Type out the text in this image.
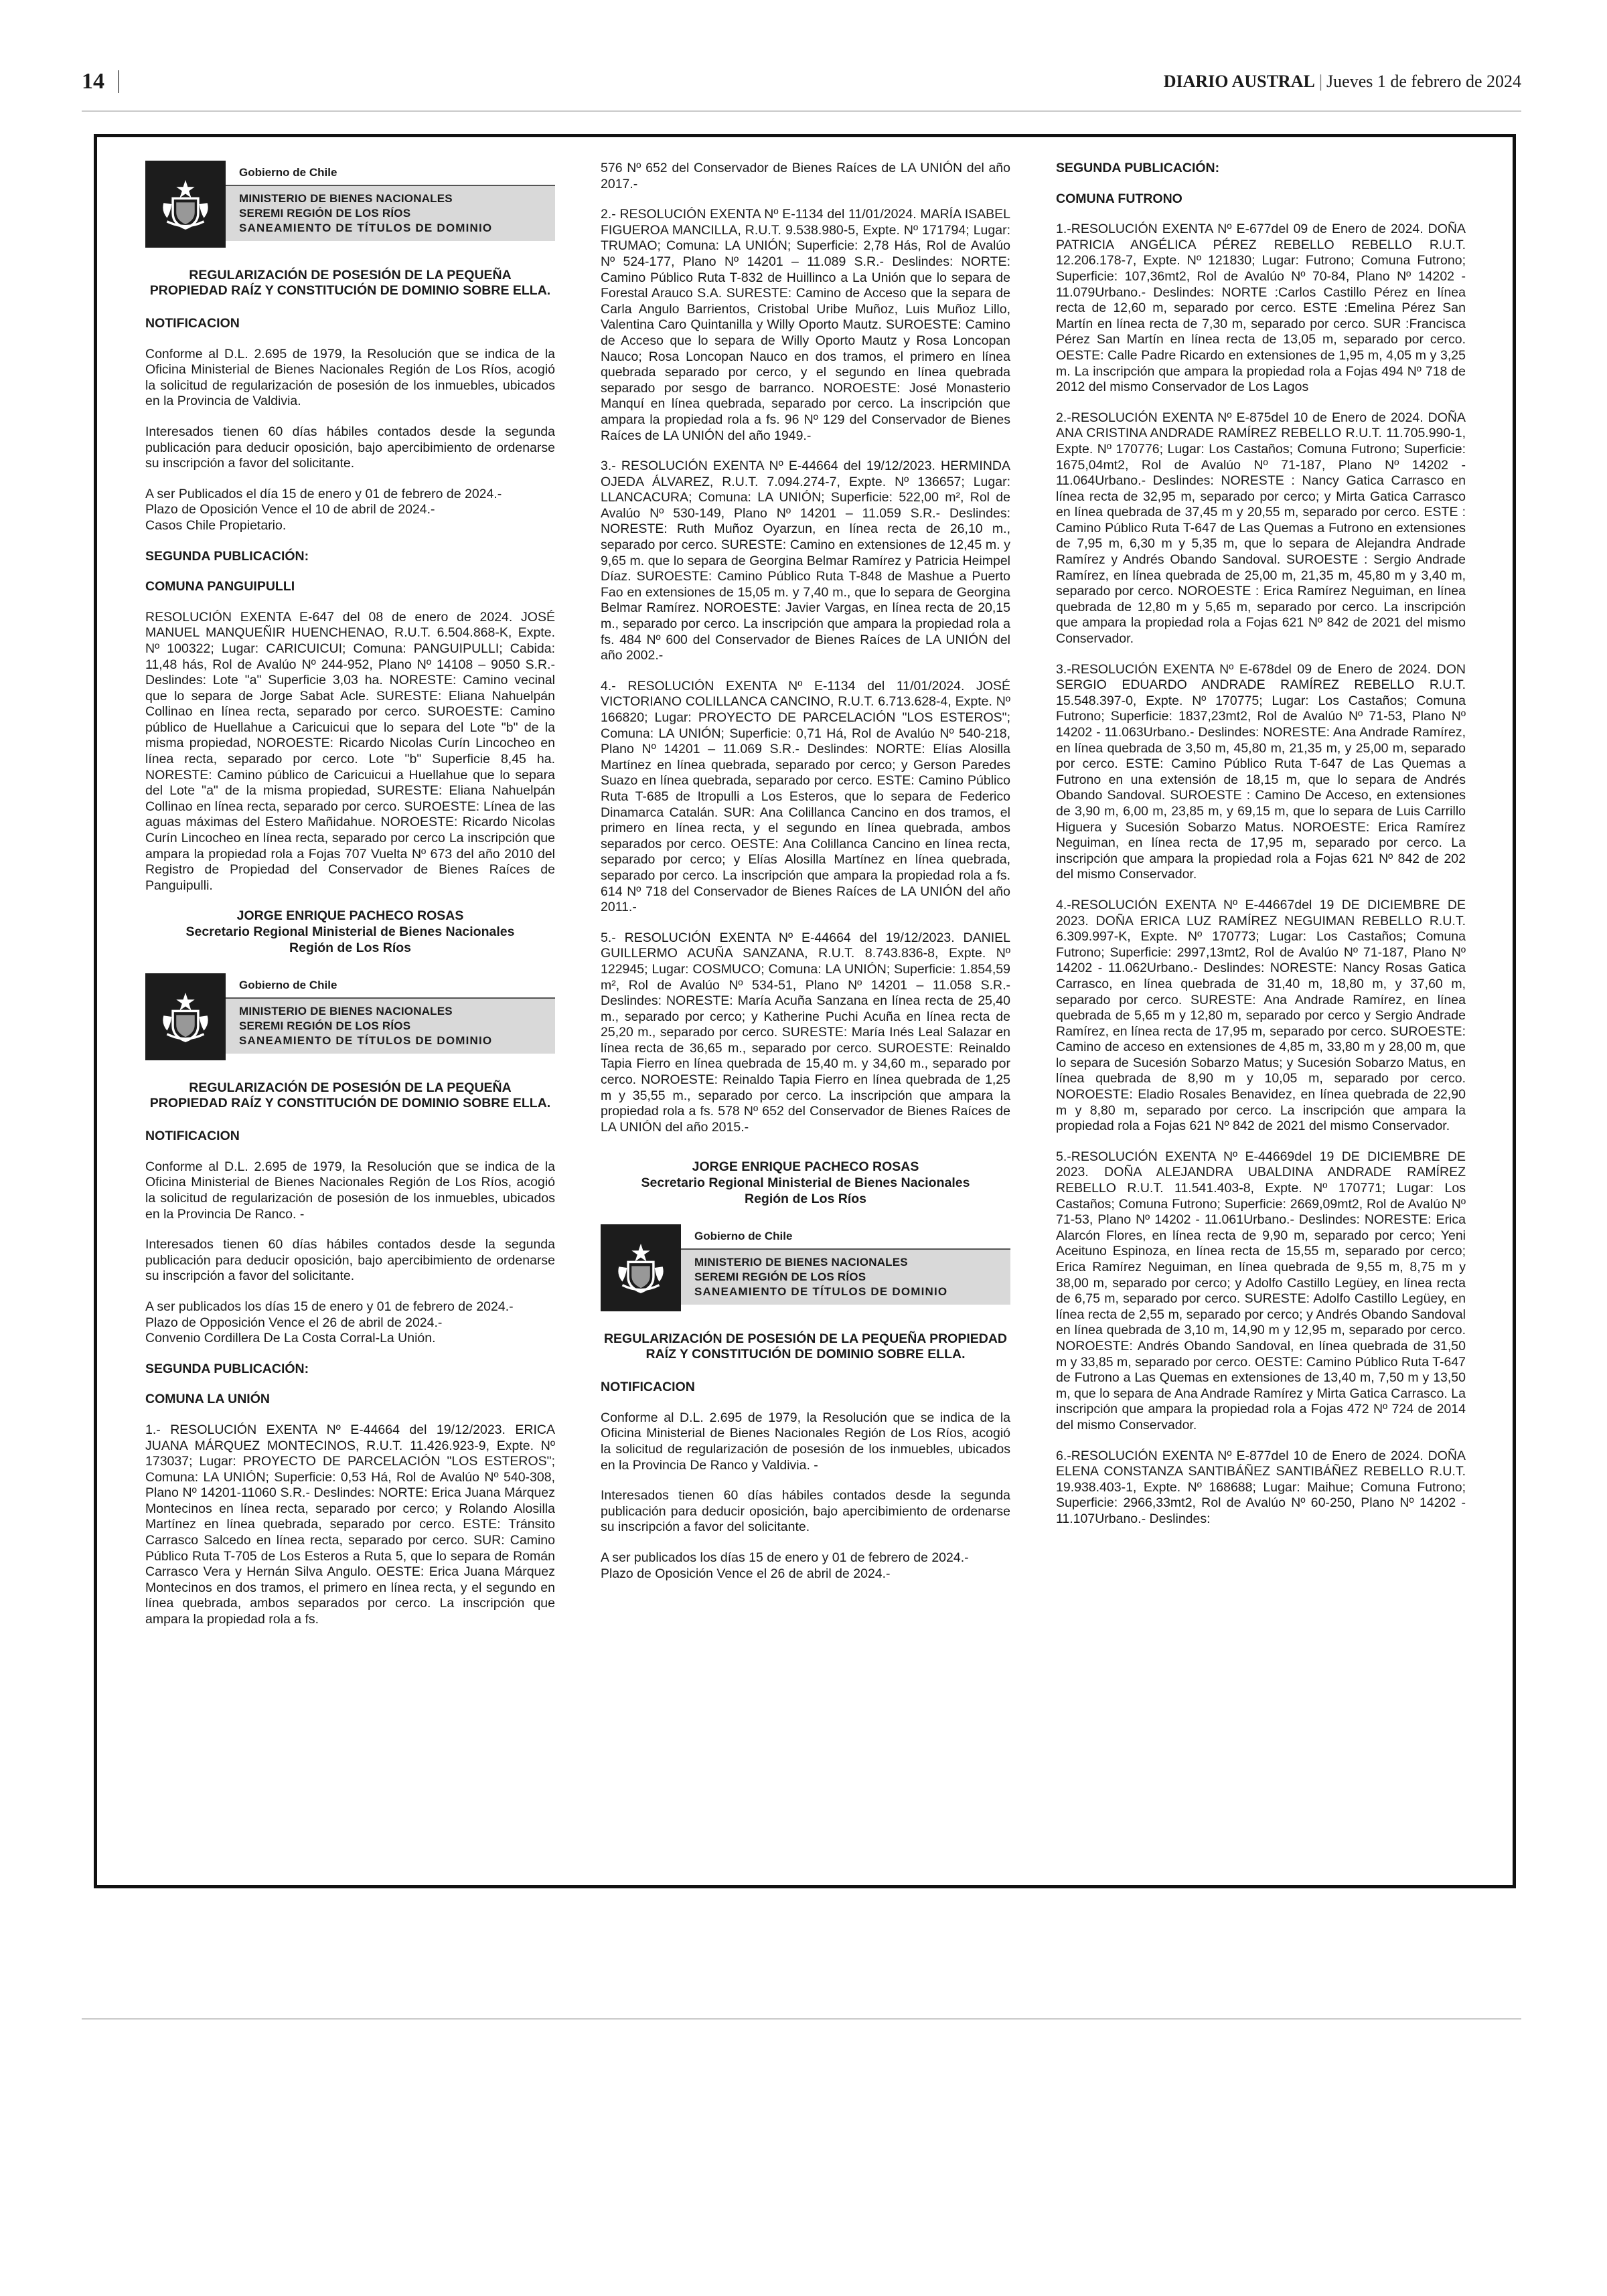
14	DIARIO AUSTRAL | Jueves 1 de febrero de 2024
Gobierno de Chile
MINISTERIO DE BIENES NACIONALES
SEREMI REGIÓN DE LOS RÍOS
SANEAMIENTO DE TÍTULOS DE DOMINIO
REGULARIZACIÓN DE POSESIÓN DE LA PEQUEÑA
PROPIEDAD RAÍZ Y CONSTITUCIÓN DE DOMINIO SOBRE ELLA.

NOTIFICACION

Conforme al D.L. 2.695 de 1979, la Resolución que se indica de la Oficina Ministerial de Bienes Nacionales Región de Los Ríos, acogió la solicitud de regularización de posesión de los inmuebles, ubicados en la Provincia de Valdivia.

Interesados tienen 60 días hábiles contados desde la segunda publicación para deducir oposición, bajo apercibimiento de ordenarse su inscripción a favor del solicitante.

A ser Publicados el día 15 de enero y 01 de febrero de 2024.-
Plazo de Oposición Vence el 10 de abril de 2024.-
Casos Chile Propietario.

SEGUNDA PUBLICACIÓN:

COMUNA PANGUIPULLI

RESOLUCIÓN EXENTA E-647 del 08 de enero de 2024. JOSÉ MANUEL MANQUEÑIR HUENCHENAO, R.U.T. 6.504.868-K, Expte. Nº 100322; Lugar: CARICUICUI; Comuna: PANGUIPULLI; Cabida: 11,48 hás, Rol de Avalúo Nº 244-952, Plano Nº 14108 – 9050 S.R.- Deslindes: Lote "a" Superficie 3,03 ha. NORESTE: Camino vecinal que lo separa de Jorge Sabat Acle. SURESTE: Eliana Nahuelpán Collinao en línea recta, separado por cerco. SUROESTE: Camino público de Huellahue a Caricuicui que lo separa del Lote "b" de la misma propiedad, NOROESTE: Ricardo Nicolas Curín Lincocheo en línea recta, separado por cerco. Lote "b" Superficie 8,45 ha. NORESTE: Camino público de Caricuicui a Huellahue que lo separa del Lote "a" de la misma propiedad, SURESTE: Eliana Nahuelpán Collinao en línea recta, separado por cerco. SUROESTE: Línea de las aguas máximas del Estero Mañidahue. NOROESTE: Ricardo Nicolas Curín Lincocheo en línea recta, separado por cerco La inscripción que ampara la propiedad rola a Fojas 707 Vuelta Nº 673 del año 2010 del Registro de Propiedad del Conservador de Bienes Raíces de Panguipulli.

JORGE ENRIQUE PACHECO ROSAS
Secretario Regional Ministerial de Bienes Nacionales
Región de Los Ríos
Gobierno de Chile
MINISTERIO DE BIENES NACIONALES
SEREMI REGIÓN DE LOS RÍOS
SANEAMIENTO DE TÍTULOS DE DOMINIO
REGULARIZACIÓN DE POSESIÓN DE LA PEQUEÑA
PROPIEDAD RAÍZ Y CONSTITUCIÓN DE DOMINIO SOBRE ELLA.

NOTIFICACION

Conforme al D.L. 2.695 de 1979, la Resolución que se indica de la Oficina Ministerial de Bienes Nacionales Región de Los Ríos, acogió la solicitud de regularización de posesión de los inmuebles, ubicados en la Provincia De Ranco. -

Interesados tienen 60 días hábiles contados desde la segunda publicación para deducir oposición, bajo apercibimiento de ordenarse su inscripción a favor del solicitante.

A ser publicados los días 15 de enero y 01 de febrero de 2024.-
Plazo de Opposición Vence el 26 de abril de 2024.-
Convenio Cordillera De La Costa Corral-La Unión.

SEGUNDA PUBLICACIÓN:

COMUNA LA UNIÓN

1.- RESOLUCIÓN EXENTA Nº E-44664 del 19/12/2023. ERICA JUANA MÁRQUEZ MONTECINOS, R.U.T. 11.426.923-9, Expte. Nº 173037; Lugar: PROYECTO DE PARCELACIÓN "LOS ESTEROS"; Comuna: LA UNIÓN; Superficie: 0,53 Há, Rol de Avalúo Nº 540-308, Plano Nº 14201-11060 S.R.- Deslindes: NORTE: Erica Juana Márquez Montecinos en línea recta, separado por cerco; y Rolando Alosilla Martínez en línea quebrada, separado por cerco. ESTE: Tránsito Carrasco Salcedo en línea recta, separado por cerco. SUR: Camino Público Ruta T-705 de Los Esteros a Ruta 5, que lo separa de Román Carrasco Vera y Hernán Silva Angulo. OESTE: Erica Juana Márquez Montecinos en dos tramos, el primero en línea recta, y el segundo en línea quebrada, ambos separados por cerco. La inscripción que ampara la propiedad rola a fs.

576 Nº 652 del Conservador de Bienes Raíces de LA UNIÓN del año 2017.-

2.- RESOLUCIÓN EXENTA Nº E-1134 del 11/01/2024. MARÍA ISABEL FIGUEROA MANCILLA, R.U.T. 9.538.980-5, Expte. Nº 171794; Lugar: TRUMAO; Comuna: LA UNIÓN; Superficie: 2,78 Hás, Rol de Avalúo Nº 524-177, Plano Nº 14201 – 11.089 S.R.- Deslindes: NORTE: Camino Público Ruta T-832 de Huillinco a La Unión que lo separa de Forestal Arauco S.A. SURESTE: Camino de Acceso que la separa de Carla Angulo Barrientos, Cristobal Uribe Muñoz, Luis Muñoz Lillo, Valentina Caro Quintanilla y Willy Oporto Mautz. SUROESTE: Camino de Acceso que lo separa de Willy Oporto Mautz y Rosa Loncopan Nauco; Rosa Loncopan Nauco en dos tramos, el primero en línea quebrada separado por cerco, y el segundo en línea quebrada separado por sesgo de barranco. NOROESTE: José Monasterio Manquí en línea quebrada, separado por cerco. La inscripción que ampara la propiedad rola a fs. 96 Nº 129 del Conservador de Bienes Raíces de LA UNIÓN del año 1949.-

3.- RESOLUCIÓN EXENTA Nº E-44664 del 19/12/2023. HERMINDA OJEDA ÁLVAREZ, R.U.T. 7.094.274-7, Expte. Nº 136657; Lugar: LLANCACURA; Comuna: LA UNIÓN; Superficie: 522,00 m², Rol de Avalúo Nº 530-149, Plano Nº 14201 – 11.059 S.R.- Deslindes: NORESTE: Ruth Muñoz Oyarzun, en línea recta de 26,10 m., separado por cerco. SURESTE: Camino en extensiones de 12,45 m. y 9,65 m. que lo separa de Georgina Belmar Ramírez y Patricia Heimpel Díaz. SUROESTE: Camino Público Ruta T-848 de Mashue a Puerto Fao en extensiones de 15,05 m. y 7,40 m., que lo separa de Georgina Belmar Ramírez. NOROESTE: Javier Vargas, en línea recta de 20,15 m., separado por cerco. La inscripción que ampara la propiedad rola a fs. 484 Nº 600 del Conservador de Bienes Raíces de LA UNIÓN del año 2002.-

4.- RESOLUCIÓN EXENTA Nº E-1134 del 11/01/2024. JOSÉ VICTORIANO COLILLANCA CANCINO, R.U.T. 6.713.628-4, Expte. Nº 166820; Lugar: PROYECTO DE PARCELACIÓN "LOS ESTEROS"; Comuna: LA UNIÓN; Superficie: 0,71 Há, Rol de Avalúo Nº 540-218, Plano Nº 14201 – 11.069 S.R.- Deslindes: NORTE: Elías Alosilla Martínez en línea quebrada, separado por cerco; y Gerson Paredes Suazo en línea quebrada, separado por cerco. ESTE: Camino Público Ruta T-685 de Itropulli a Los Esteros, que lo separa de Federico Dinamarca Catalán. SUR: Ana Colillanca Cancino en dos tramos, el primero en línea recta, y el segundo en línea quebrada, ambos separados por cerco. OESTE: Ana Colillanca Cancino en línea recta, separado por cerco; y Elías Alosilla Martínez en línea quebrada, separado por cerco. La inscripción que ampara la propiedad rola a fs. 614 Nº 718 del Conservador de Bienes Raíces de LA UNIÓN del año 2011.-

5.- RESOLUCIÓN EXENTA Nº E-44664 del 19/12/2023. DANIEL GUILLERMO ACUÑA SANZANA, R.U.T. 8.743.836-8, Expte. Nº 122945; Lugar: COSMUCO; Comuna: LA UNIÓN; Superficie: 1.854,59 m², Rol de Avalúo Nº 534-51, Plano Nº 14201 – 11.058 S.R.- Deslindes: NORESTE: María Acuña Sanzana en línea recta de 25,40 m., separado por cerco; y Katherine Puchi Acuña en línea recta de 25,20 m., separado por cerco. SURESTE: María Inés Leal Salazar en línea recta de 36,65 m., separado por cerco. SUROESTE: Reinaldo Tapia Fierro en línea quebrada de 15,40 m. y 34,60 m., separado por cerco. NOROESTE: Reinaldo Tapia Fierro en línea quebrada de 1,25 m y 35,55 m., separado por cerco. La inscripción que ampara la propiedad rola a fs. 578 Nº 652 del Conservador de Bienes Raíces de LA UNIÓN del año 2015.-

JORGE ENRIQUE PACHECO ROSAS
Secretario Regional Ministerial de Bienes Nacionales
Región de Los Ríos
Gobierno de Chile
MINISTERIO DE BIENES NACIONALES
SEREMI REGIÓN DE LOS RÍOS
SANEAMIENTO DE TÍTULOS DE DOMINIO
REGULARIZACIÓN DE POSESIÓN DE LA PEQUEÑA PROPIEDAD
RAÍZ Y CONSTITUCIÓN DE DOMINIO SOBRE ELLA.

NOTIFICACION

Conforme al D.L. 2.695 de 1979, la Resolución que se indica de la Oficina Ministerial de Bienes Nacionales Región de Los Ríos, acogió la solicitud de regularización de posesión de los inmuebles, ubicados en la Provincia De Ranco y Valdivia. -

Interesados tienen 60 días hábiles contados desde la segunda publicación para deducir oposición, bajo apercibimiento de ordenarse su inscripción a favor del solicitante.

A ser publicados los días 15 de enero y 01 de febrero de 2024.-
Plazo de Oposición Vence el 26 de abril de 2024.-

SEGUNDA PUBLICACIÓN:

COMUNA FUTRONO

1.-RESOLUCIÓN EXENTA Nº E-677del 09 de Enero de 2024. DOÑA PATRICIA ANGÉLICA PÉREZ REBELLO REBELLO R.U.T. 12.206.178-7, Expte. Nº 121830; Lugar: Futrono; Comuna Futrono; Superficie: 107,36mt2, Rol de Avalúo Nº 70-84, Plano Nº 14202 - 11.079Urbano.- Deslindes: NORTE :Carlos Castillo Pérez en línea recta de 12,60 m, separado por cerco. ESTE :Emelina Pérez San Martín en línea recta de 7,30 m, separado por cerco. SUR :Francisca Pérez San Martín en línea recta de 13,05 m, separado por cerco. OESTE: Calle Padre Ricardo en extensiones de 1,95 m, 4,05 m y 3,25 m. La inscripción que ampara la propiedad rola a Fojas 494 Nº 718 de 2012 del mismo Conservador de Los Lagos

2.-RESOLUCIÓN EXENTA Nº E-875del 10 de Enero de 2024. DOÑA ANA CRISTINA ANDRADE RAMÍREZ REBELLO R.U.T. 11.705.990-1, Expte. Nº 170776; Lugar: Los Castaños; Comuna Futrono; Superficie: 1675,04mt2, Rol de Avalúo Nº 71-187, Plano Nº 14202 - 11.064Urbano.- Deslindes: NORESTE : Nancy Gatica Carrasco en línea recta de 32,95 m, separado por cerco; y Mirta Gatica Carrasco en línea quebrada de 37,45 m y 20,55 m, separado por cerco. ESTE : Camino Público Ruta T-647 de Las Quemas a Futrono en extensiones de 7,95 m, 6,30 m y 5,35 m, que lo separa de Alejandra Andrade Ramírez y Andrés Obando Sandoval. SUROESTE : Sergio Andrade Ramírez, en línea quebrada de 25,00 m, 21,35 m, 45,80 m y 3,40 m, separado por cerco. NOROESTE : Erica Ramírez Neguiman, en línea quebrada de 12,80 m y 5,65 m, separado por cerco. La inscripción que ampara la propiedad rola a Fojas 621 Nº 842 de 2021 del mismo Conservador.

3.-RESOLUCIÓN EXENTA Nº E-678del 09 de Enero de 2024. DON SERGIO EDUARDO ANDRADE RAMÍREZ REBELLO R.U.T. 15.548.397-0, Expte. Nº 170775; Lugar: Los Castaños; Comuna Futrono; Superficie: 1837,23mt2, Rol de Avalúo Nº 71-53, Plano Nº 14202 - 11.063Urbano.- Deslindes: NORESTE: Ana Andrade Ramírez, en línea quebrada de 3,50 m, 45,80 m, 21,35 m, y 25,00 m, separado por cerco. ESTE: Camino Público Ruta T-647 de Las Quemas a Futrono en una extensión de 18,15 m, que lo separa de Andrés Obando Sandoval. SUROESTE : Camino De Acceso, en extensiones de 3,90 m, 6,00 m, 23,85 m, y 69,15 m, que lo separa de Luis Carrillo Higuera y Sucesión Sobarzo Matus. NOROESTE: Erica Ramírez Neguiman, en línea recta de 17,95 m, separado por cerco. La inscripción que ampara la propiedad rola a Fojas 621 Nº 842 de 202 del mismo Conservador.

4.-RESOLUCIÓN EXENTA Nº E-44667del 19 DE DICIEMBRE DE 2023. DOÑA ERICA LUZ RAMÍREZ NEGUIMAN REBELLO R.U.T. 6.309.997-K, Expte. Nº 170773; Lugar: Los Castaños; Comuna Futrono; Superficie: 2997,13mt2, Rol de Avalúo Nº 71-187, Plano Nº 14202 - 11.062Urbano.- Deslindes: NORESTE: Nancy Rosas Gatica Carrasco, en línea quebrada de 31,40 m, 18,80 m, y 37,60 m, separado por cerco. SURESTE: Ana Andrade Ramírez, en línea quebrada de 5,65 m y 12,80 m, separado por cerco y Sergio Andrade Ramírez, en línea recta de 17,95 m, separado por cerco. SUROESTE: Camino de acceso en extensiones de 4,85 m, 33,80 m y 28,00 m, que lo separa de Sucesión Sobarzo Matus; y Sucesión Sobarzo Matus, en línea quebrada de 8,90 m y 10,05 m, separado por cerco. NOROESTE: Eladio Rosales Benavidez, en línea quebrada de 22,90 m y 8,80 m, separado por cerco. La inscripción que ampara la propiedad rola a Fojas 621 Nº 842 de 2021 del mismo Conservador.

5.-RESOLUCIÓN EXENTA Nº E-44669del 19 DE DICIEMBRE DE 2023. DOÑA ALEJANDRA UBALDINA ANDRADE RAMÍREZ REBELLO R.U.T. 11.541.403-8, Expte. Nº 170771; Lugar: Los Castaños; Comuna Futrono; Superficie: 2669,09mt2, Rol de Avalúo Nº 71-53, Plano Nº 14202 - 11.061Urbano.- Deslindes: NORESTE: Erica Alarcón Flores, en línea recta de 9,90 m, separado por cerco; Yeni Aceituno Espinoza, en línea recta de 15,55 m, separado por cerco; Erica Ramírez Neguiman, en línea quebrada de 9,55 m, 8,75 m y 38,00 m, separado por cerco; y Adolfo Castillo Legüey, en línea recta de 6,75 m, separado por cerco. SURESTE: Adolfo Castillo Legüey, en línea recta de 2,55 m, separado por cerco; y Andrés Obando Sandoval en línea quebrada de 3,10 m, 14,90 m y 12,95 m, separado por cerco. NOROESTE: Andrés Obando Sandoval, en línea quebrada de 31,50 m y 33,85 m, separado por cerco. OESTE: Camino Público Ruta T-647 de Futrono a Las Quemas en extensiones de 13,40 m, 7,50 m y 13,50 m, que lo separa de Ana Andrade Ramírez y Mirta Gatica Carrasco. La inscripción que ampara la propiedad rola a Fojas 472 Nº 724 de 2014 del mismo Conservador.

6.-RESOLUCIÓN EXENTA Nº E-877del 10 de Enero de 2024. DOÑA ELENA CONSTANZA SANTIBÁÑEZ SANTIBÁÑEZ REBELLO R.U.T. 19.938.403-1, Expte. Nº 168688; Lugar: Maihue; Comuna Futrono; Superficie: 2966,33mt2, Rol de Avalúo Nº 60-250, Plano Nº 14202 - 11.107Urbano.- Deslindes:
